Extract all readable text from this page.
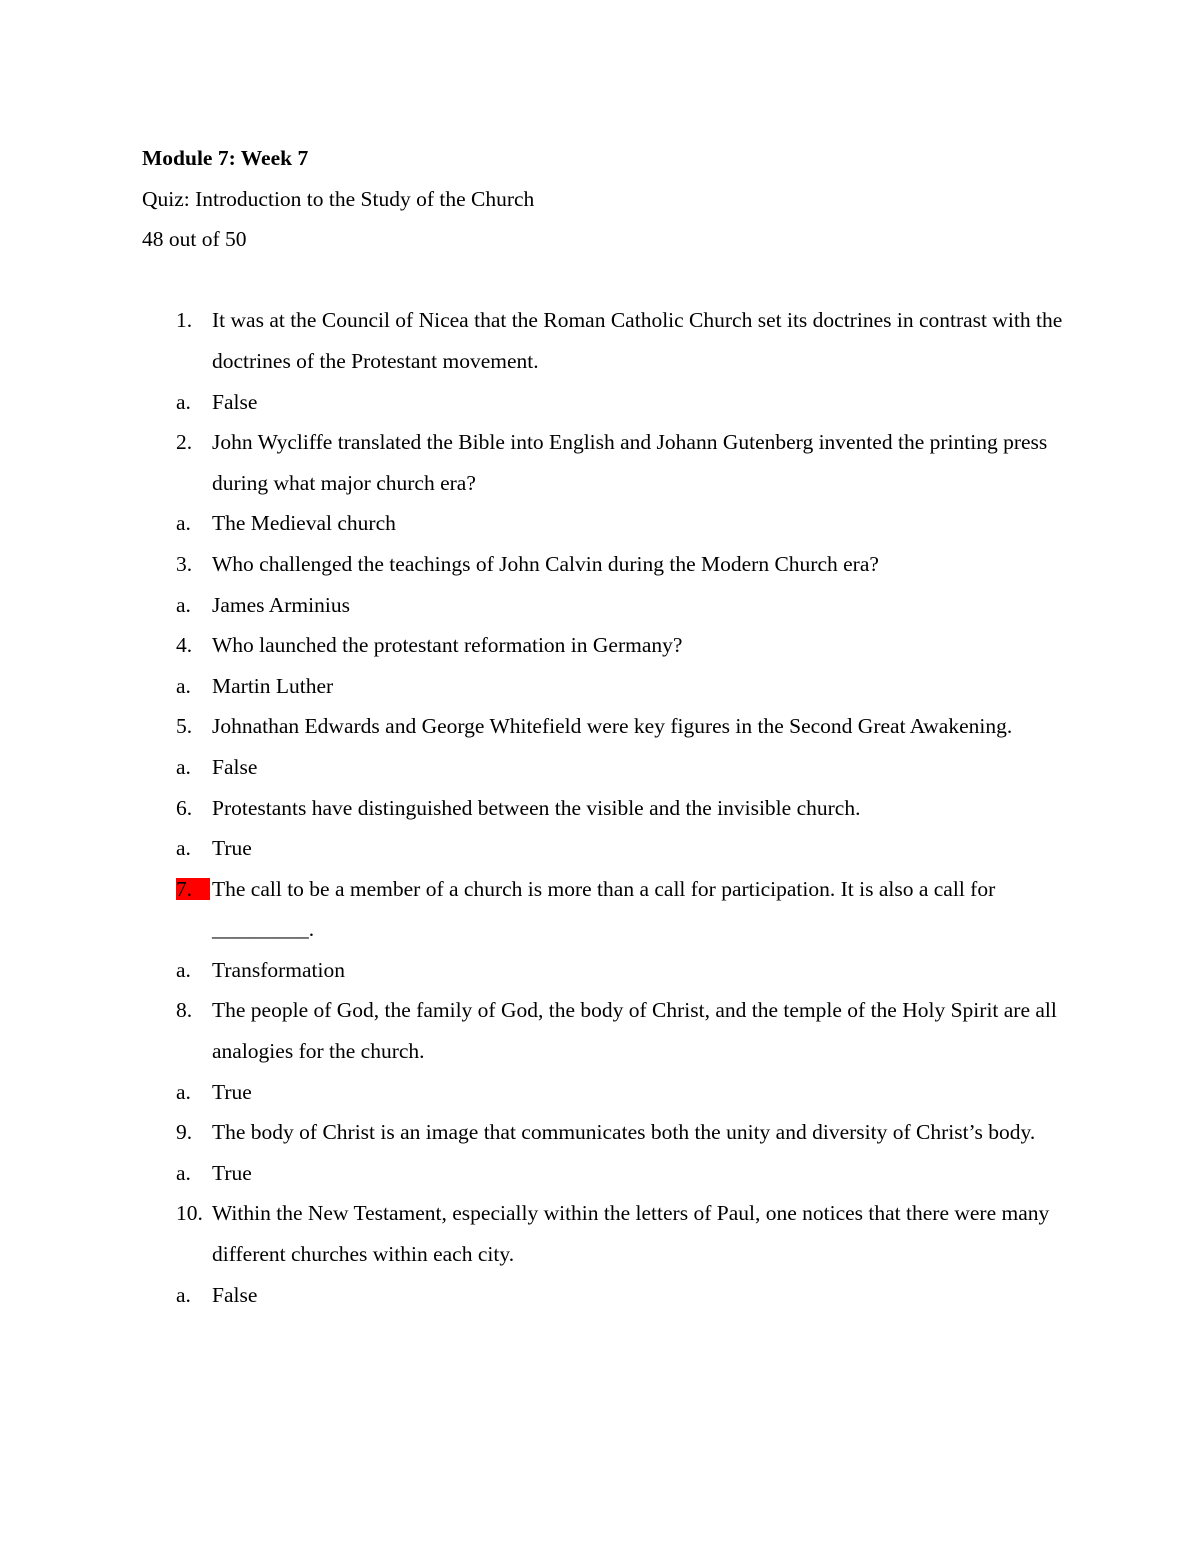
Module 7: Week 7

Quiz: Introduction to the Study of the Church

48 out of 50

1. It was at the Council of Nicea that the Roman Catholic Church set its doctrines in contrast with the doctrines of the Protestant movement.
a. False
2. John Wycliffe translated the Bible into English and Johann Gutenberg invented the printing press during what major church era?
a. The Medieval church
3. Who challenged the teachings of John Calvin during the Modern Church era?
a. James Arminius
4. Who launched the protestant reformation in Germany?
a. Martin Luther
5. Johnathan Edwards and George Whitefield were key figures in the Second Great Awakening.
a. False
6. Protestants have distinguished between the visible and the invisible church.
a. True
7. The call to be a member of a church is more than a call for participation. It is also a call for _________.
a. Transformation
8. The people of God, the family of God, the body of Christ, and the temple of the Holy Spirit are all analogies for the church.
a. True
9. The body of Christ is an image that communicates both the unity and diversity of Christ’s body.
a. True
10. Within the New Testament, especially within the letters of Paul, one notices that there were many different churches within each city.
a. False
